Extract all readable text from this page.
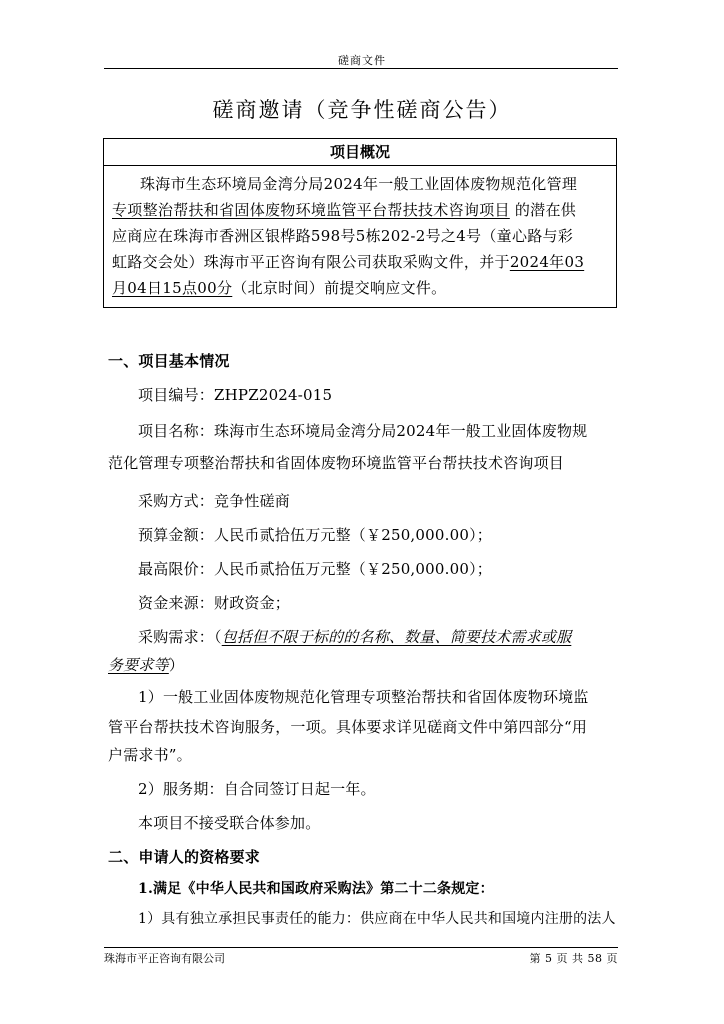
磋商文件
磋商邀请（竞争性磋商公告）
项目概况
珠海市生态环境局金湾分局2024年一般工业固体废物规范化管理
专项整治帮扶和省固体废物环境监管平台帮扶技术咨询项目 的潜在供
应商应在珠海市香洲区银桦路598号5栋202-2号之4号（童心路与彩
虹路交会处）珠海市平正咨询有限公司获取采购文件，并于2024年03
月04日15点00分（北京时间）前提交响应文件。
一、项目基本情况
项目编号：ZHPZ2024-015
项目名称：珠海市生态环境局金湾分局2024年一般工业固体废物规
范化管理专项整治帮扶和省固体废物环境监管平台帮扶技术咨询项目
采购方式：竞争性磋商
预算金额：人民币贰拾伍万元整（￥250,000.00）；
最高限价：人民币贰拾伍万元整（￥250,000.00）；
资金来源：财政资金；
采购需求：（包括但不限于标的的名称、数量、简要技术需求或服
务要求等）
1）一般工业固体废物规范化管理专项整治帮扶和省固体废物环境监
管平台帮扶技术咨询服务，一项。具体要求详见磋商文件中第四部分“用
户需求书”。
2）服务期：自合同签订日起一年。
本项目不接受联合体参加。
二、申请人的资格要求
1.满足《中华人民共和国政府采购法》第二十二条规定：
1）具有独立承担民事责任的能力：供应商在中华人民共和国境内注册的法人
珠海市平正咨询有限公司	第 5 页 共 58 页
